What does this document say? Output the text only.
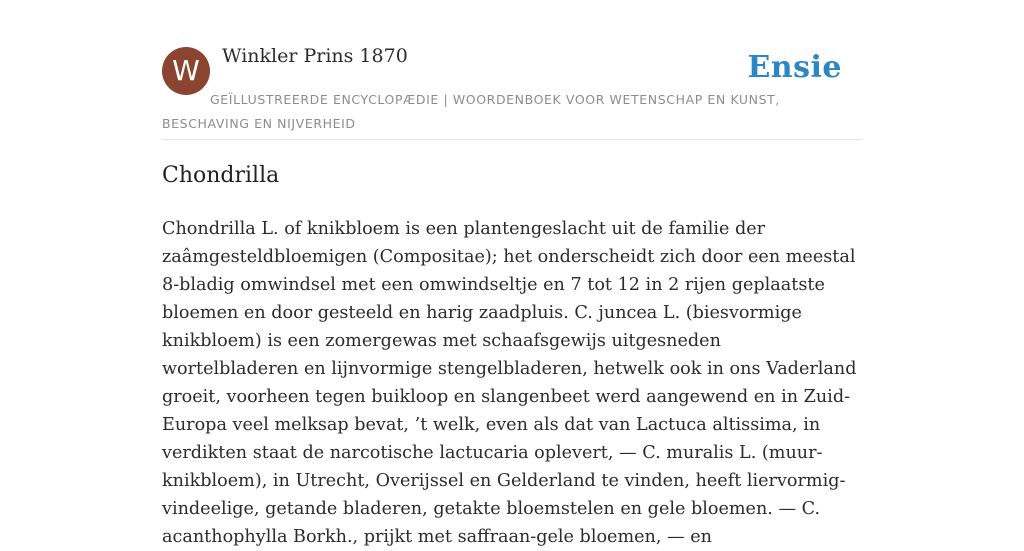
W	Winkler Prins 1870	Ensie
GEÏLLUSTREERDE ENCYCLOPÆDIE | WOORDENBOEK VOOR WETENSCHAP EN KUNST, BESCHAVING EN NIJVERHEID
Chondrilla

Chondrilla L. of knikbloem is een plantengeslacht uit de familie der zaâmgesteldbloemigen (Compositae); het onderscheidt zich door een meestal 8-bladig omwindsel met een omwindseltje en 7 tot 12 in 2 rijen geplaatste bloemen en door gesteeld en harig zaadpluis. C. juncea L. (biesvormige knikbloem) is een zomergewas met schaafsgewijs uitgesneden wortelbladeren en lijnvormige stengelbladeren, hetwelk ook in ons Vaderland groeit, voorheen tegen buikloop en slangenbeet werd aangewend en in Zuid-Europa veel melksap bevat, ’t welk, even als dat van Lactuca altissima, in verdikten staat de narcotische lactucaria oplevert, — C. muralis L. (muur-knikbloem), in Utrecht, Overijssel en Gelderland te vinden, heeft liervormig-vindeelige, getande bladeren, getakte bloemstelen en gele bloemen. — C. acanthophylla Borkh., prijkt met saffraan-gele bloemen, — en
